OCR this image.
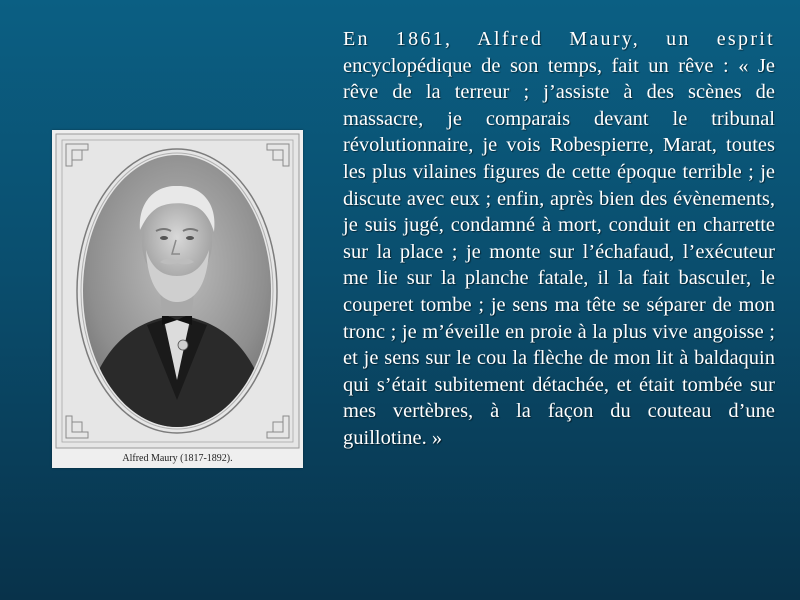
Alfred Maury (1817-1892).

En 1861, Alfred Maury, un esprit encyclopédique de son temps, fait un rêve : « Je rêve de la terreur ; j’assiste à des scènes de massacre, je comparais devant le tribunal révolutionnaire, je vois Robespierre, Marat, toutes les plus vilaines figures de cette époque terrible ; je discute avec eux ; enfin, après bien des évènements, je suis jugé, condamné à mort, conduit en charrette sur la place ; je monte sur l’échafaud, l’exécuteur me lie sur la planche fatale, il la fait basculer, le couperet tombe ; je sens ma tête se séparer de mon tronc ; je m’éveille en proie à la plus vive angoisse ; et je sens sur le cou la flèche de mon lit à baldaquin qui s’était subitement détachée, et était tombée sur mes vertèbres, à la façon du couteau d’une guillotine. »
